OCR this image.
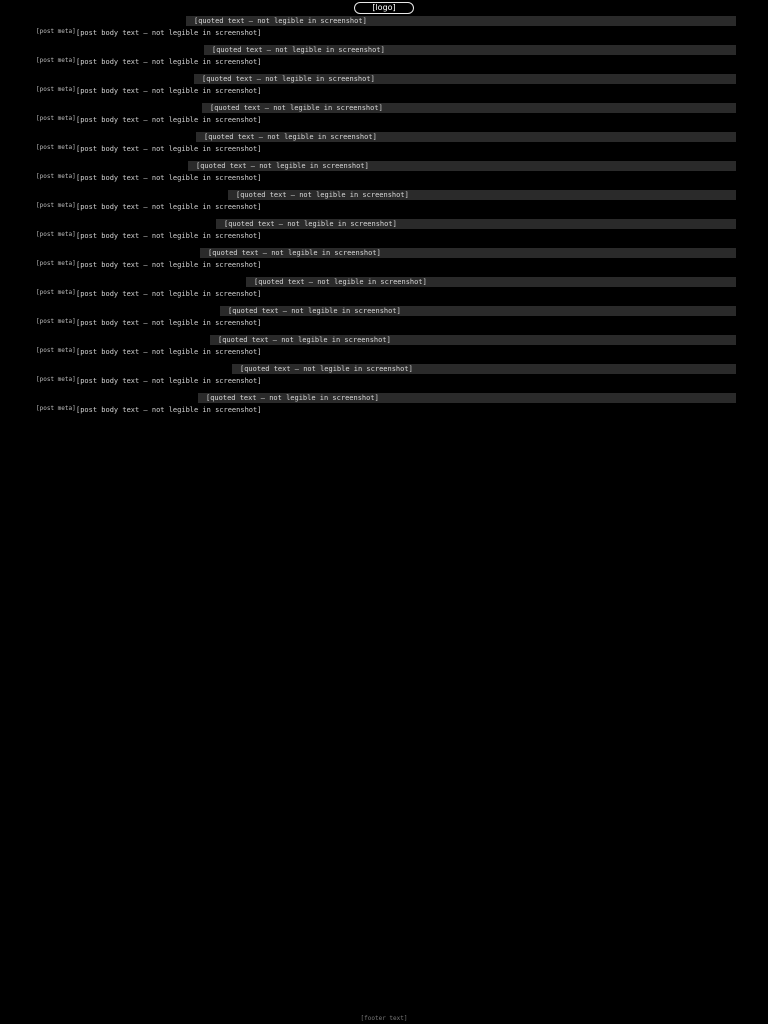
[logo]
[quoted text — not legible in screenshot]
[post meta] [post body text — not legible in screenshot]
[quoted text — not legible in screenshot]
[post meta] [post body text — not legible in screenshot]
[quoted text — not legible in screenshot]
[post meta] [post body text — not legible in screenshot]
[quoted text — not legible in screenshot]
[post meta] [post body text — not legible in screenshot]
[quoted text — not legible in screenshot]
[post meta] [post body text — not legible in screenshot]
[quoted text — not legible in screenshot]
[post meta] [post body text — not legible in screenshot]
[quoted text — not legible in screenshot]
[post meta] [post body text — not legible in screenshot]
[quoted text — not legible in screenshot]
[post meta] [post body text — not legible in screenshot]
[quoted text — not legible in screenshot]
[post meta] [post body text — not legible in screenshot]
[quoted text — not legible in screenshot]
[post meta] [post body text — not legible in screenshot]
[quoted text — not legible in screenshot]
[post meta] [post body text — not legible in screenshot]
[quoted text — not legible in screenshot]
[post meta] [post body text — not legible in screenshot]
[quoted text — not legible in screenshot]
[post meta] [post body text — not legible in screenshot]
[quoted text — not legible in screenshot]
[post meta] [post body text — not legible in screenshot]
[footer text]
